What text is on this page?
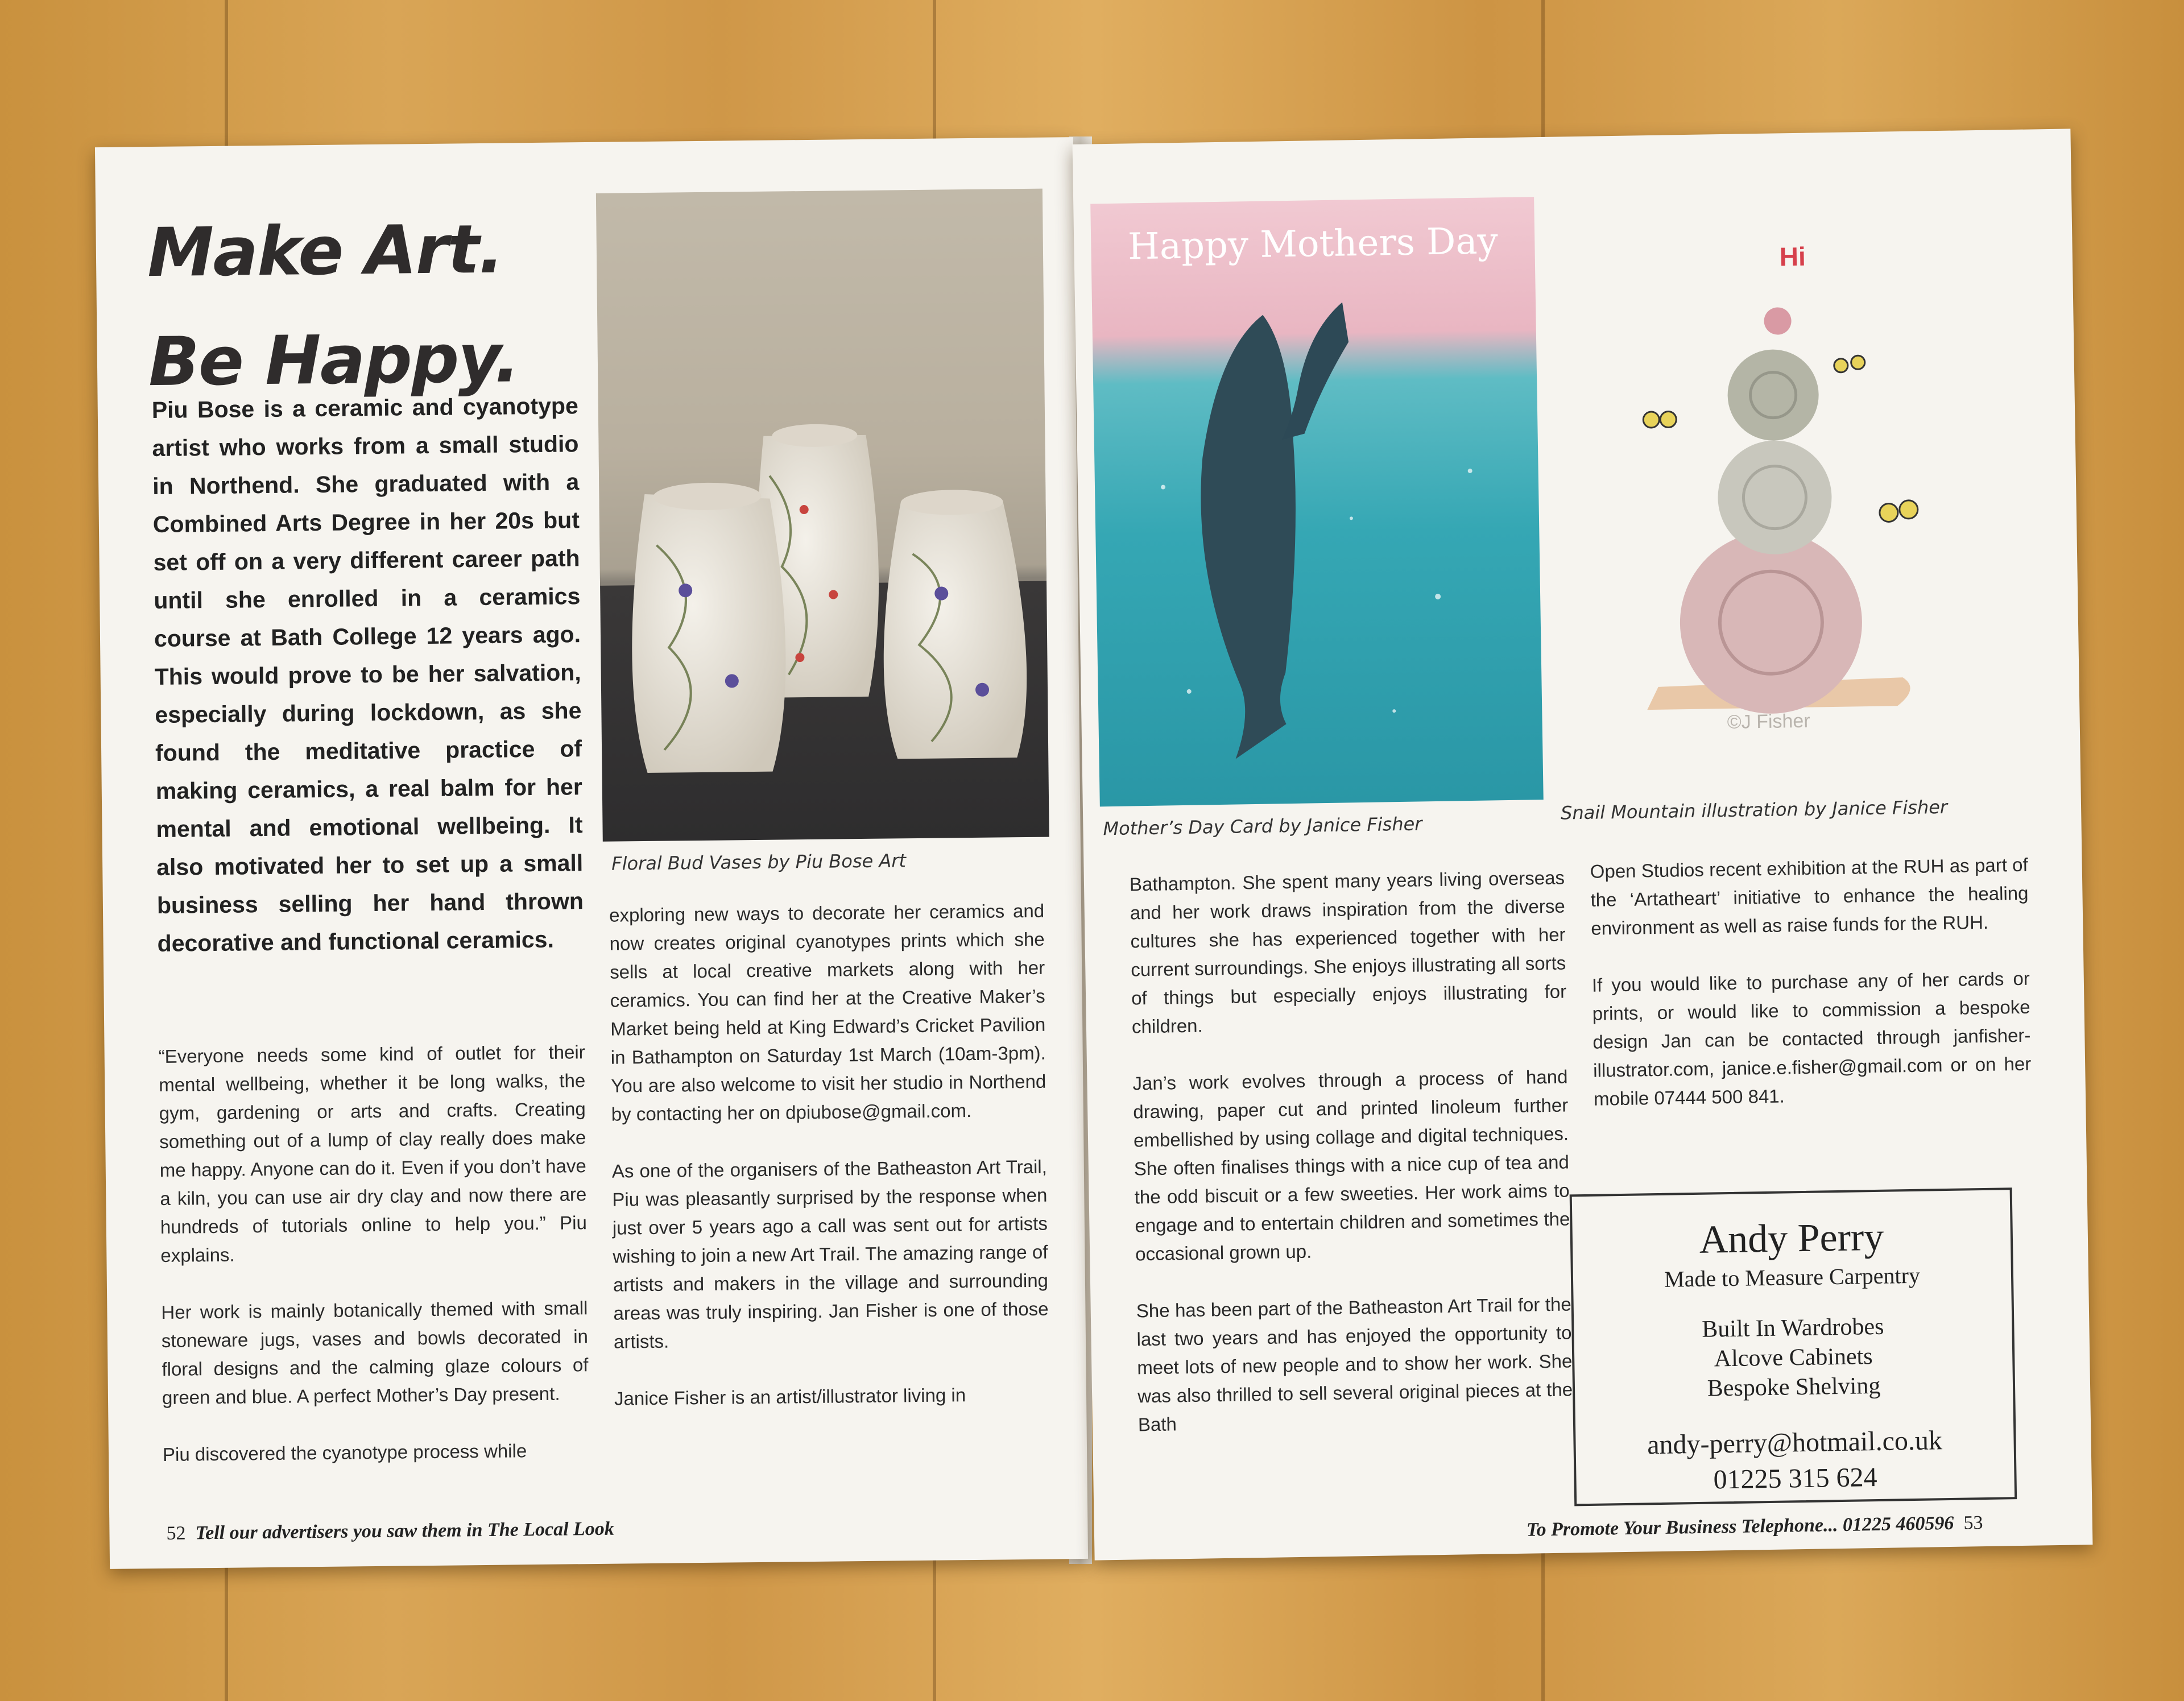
Make Art.
Be Happy.
Piu Bose is a ceramic and cyanotype artist who works from a small studio in Northend. She graduated with a Combined Arts Degree in her 20s but set off on a very different career path until she enrolled in a ceramics course at Bath College 12 years ago. This would prove to be her salvation, especially during lockdown, as she found the meditative practice of making ceramics, a real balm for her mental and emotional wellbeing. It also motivated her to set up a small business selling her hand thrown decorative and functional ceramics.

“Everyone needs some kind of outlet for their mental wellbeing, whether it be long walks, the gym, gardening or arts and crafts. Creating something out of a lump of clay really does make me happy. Anyone can do it. Even if you don’t have a kiln, you can use air dry clay and now there are hundreds of tutorials online to help you.” Piu explains.

Her work is mainly botanically themed with small stoneware jugs, vases and bowls decorated in floral designs and the calming glaze colours of green and blue. A perfect Mother’s Day present.

Piu discovered the cyanotype process while

Floral Bud Vases by Piu Bose Art

exploring new ways to decorate her ceramics and now creates original cyanotypes prints which she sells at local creative markets along with her ceramics. You can find her at the Creative Maker’s Market being held at King Edward’s Cricket Pavilion in Bathampton on Saturday 1st March (10am-3pm). You are also welcome to visit her studio in Northend by contacting her on dpiubose@gmail.com.

As one of the organisers of the Batheaston Art Trail, Piu was pleasantly surprised by the response when just over 5 years ago a call was sent out for artists wishing to join a new Art Trail. The amazing range of artists and makers in the village and surrounding areas was truly inspiring. Jan Fisher is one of those artists.

Janice Fisher is an artist/illustrator living in

52 Tell our advertisers you saw them in The Local Look
Happy Mothers Day
Mother’s Day Card by Janice Fisher
Hi
©J Fisher
Snail Mountain illustration by Janice Fisher

Bathampton. She spent many years living overseas and her work draws inspiration from the diverse cultures she has experienced together with her current surroundings. She enjoys illustrating all sorts of things but especially enjoys illustrating for children.

Jan’s work evolves through a process of hand drawing, paper cut and printed linoleum further embellished by using collage and digital techniques. She often finalises things with a nice cup of tea and the odd biscuit or a few sweeties. Her work aims to engage and to entertain children and sometimes the occasional grown up.

She has been part of the Batheaston Art Trail for the last two years and has enjoyed the opportunity to meet lots of new people and to show her work. She was also thrilled to sell several original pieces at the Bath

Open Studios recent exhibition at the RUH as part of the ‘Artatheart’ initiative to enhance the healing environment as well as raise funds for the RUH.

If you would like to purchase any of her cards or prints, or would like to commission a bespoke design Jan can be contacted through janfisher-illustrator.com, janice.e.fisher@gmail.com or on her mobile 07444 500 841.

Andy Perry
Made to Measure Carpentry
Built In Wardrobes
Alcove Cabinets
Bespoke Shelving
andy-perry@hotmail.co.uk
01225 315 624
To Promote Your Business Telephone... 01225 460596 53
